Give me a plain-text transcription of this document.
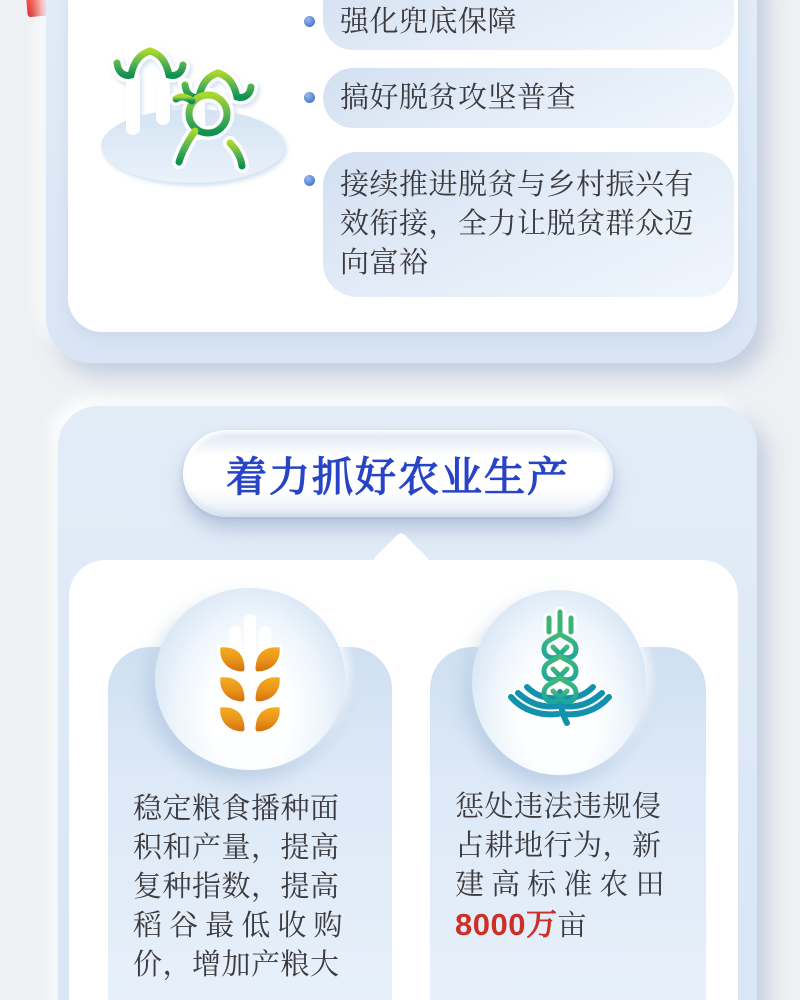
强化兜底保障
搞好脱贫攻坚普查
接续推进脱贫与乡村振兴有效衔接，全力让脱贫群众迈向富裕
着力抓好农业生产
稳定粮食播种面
积和产量，提高
复种指数，提高
稻谷最低收购
价，增加产粮大
惩处违法违规侵
占耕地行为，新
建高标准农田
8000万亩
